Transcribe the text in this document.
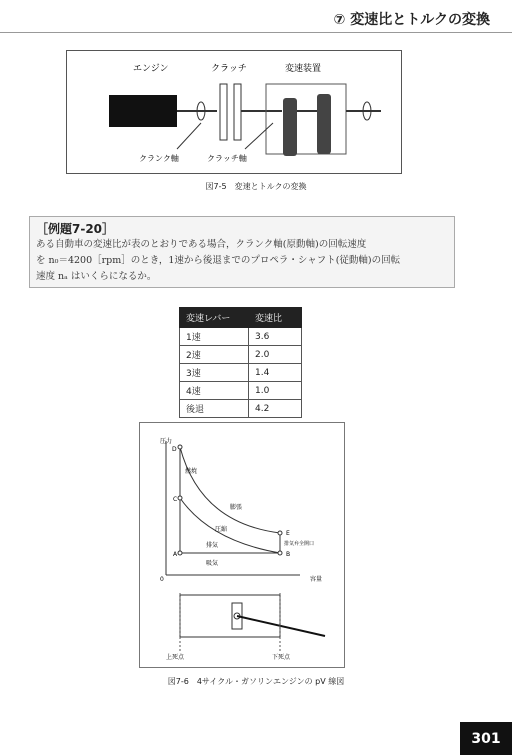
⑦ 変速比とトルクの変換
エンジン	クラッチ	変速装置
クランク軸	クラッチ軸
図7-5　変速とトルクの変換
［例題7-20］
ある自動車の変速比が表のとおりである場合，クランク軸(原動軸)の回転速度
を n₀＝4200［rpm］のとき，1速から後退までのプロペラ・シャフト(従動軸)の回転
速度 nₐ はいくらになるか。
変速レバー	変速比
1速	3.6
2速	2.0
3速	1.4
4速	1.0
後退	4.2
圧力
容量
0
D
C
A	B
E
燃焼
膨張
圧縮
排気
吸気
排気弁全開口
上死点	下死点
図7-6　4サイクル・ガソリンエンジンの pV 線図
301
